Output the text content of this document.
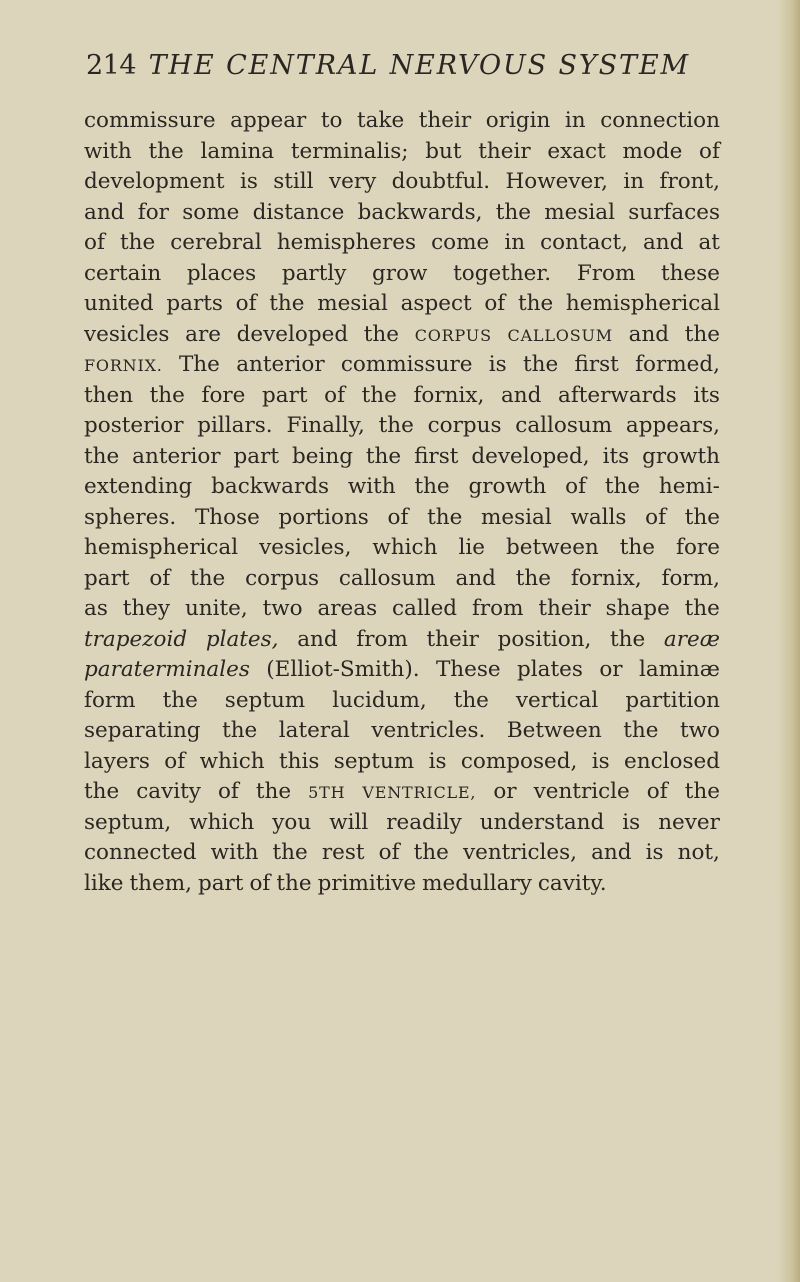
214 THE CENTRAL NERVOUS SYSTEM
commissure appear to take their origin in connection
with the lamina terminalis; but their exact mode of
development is still very doubtful. However, in front,
and for some distance backwards, the mesial surfaces
of the cerebral hemispheres come in contact, and at
certain places partly grow together. From these
united parts of the mesial aspect of the hemispherical
vesicles are developed the CORPUS CALLOSUM and the
FORNIX. The anterior commissure is the first formed,
then the fore part of the fornix, and afterwards its
posterior pillars. Finally, the corpus callosum appears,
the anterior part being the first developed, its growth
extending backwards with the growth of the hemi-
spheres. Those portions of the mesial walls of the
hemispherical vesicles, which lie between the fore
part of the corpus callosum and the fornix, form,
as they unite, two areas called from their shape the
trapezoid plates, and from their position, the areæ
paraterminales (Elliot-Smith). These plates or laminæ
form the septum lucidum, the vertical partition
separating the lateral ventricles. Between the two
layers of which this septum is composed, is enclosed
the cavity of the 5TH VENTRICLE, or ventricle of the
septum, which you will readily understand is never
connected with the rest of the ventricles, and is not,
like them, part of the primitive medullary cavity.
